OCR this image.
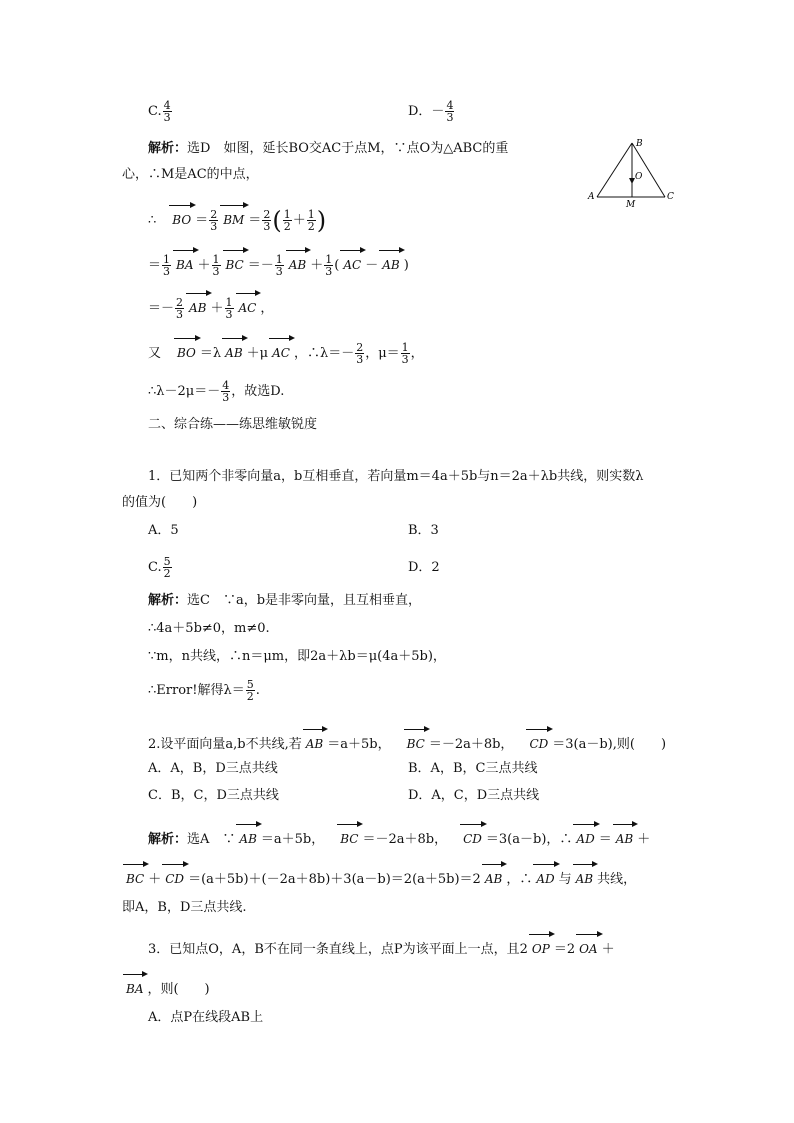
C. $\frac{4}{3}$	D．－ $\frac{4}{3}$
解析：选D　如图，延长BO交AC于点M，∵点O为△ABC的重
心，∴M是AC的中点，
B
O
A
M
C
∴ BO ＝ $\frac{2}{3}$ BM ＝ $\frac{2}{3}$ ( $\frac{1}{2} + \frac{1}{2}$ )
＝ $\frac{1}{3}$ BA ＋ $\frac{1}{3}$ BC ＝－ $\frac{1}{3}$ AB ＋ $\frac{1}{3}$ ( AC － AB )
＝－ $\frac{2}{3}$ AB ＋ $\frac{1}{3}$ AC ，
又 BO ＝λ AB ＋μ AC ，∴λ＝－ $\frac{2}{3}$ ，$\mu= \frac{1}{3}$ ，
∴λ－2μ＝－ $\frac{4}{3}$ ，故选D.
二、综合练——练思维敏锐度
1．已知两个非零向量a，b互相垂直，若向量m＝4a＋5b与n＝2a＋λb共线，则实数λ
的值为(　　)
A．5	B．3
C. $\frac{5}{2}$	D．2
解析：选C　∵a，b是非零向量，且互相垂直，
∴4a＋5b≠0，m≠0.
∵m，n共线，∴n＝μm，即2a＋λb＝μ(4a＋5b)，
∴Error!解得$\lambda= \frac{5}{2}$ .
2.设平面向量a,b不共线,若 AB ＝a＋5b， BC ＝－2a＋8b， CD ＝3(a－b),则(　　)
A．A，B，D三点共线	B．A，B，C三点共线
C．B，C，D三点共线	D．A，C，D三点共线
解析：选A　∵ AB ＝a＋5b， BC ＝－2a＋8b， CD ＝3(a－b)，∴ AD ＝ AB ＋
BC ＋ CD ＝(a＋5b)＋(－2a＋8b)＋3(a－b)＝2(a＋5b)＝2 AB ，∴ AD 与 AB 共线，
即A，B，D三点共线.
3．已知点O，A，B不在同一条直线上，点P为该平面上一点，且2 OP ＝2 OA ＋
BA ，则(　　)
A．点P在线段AB上
